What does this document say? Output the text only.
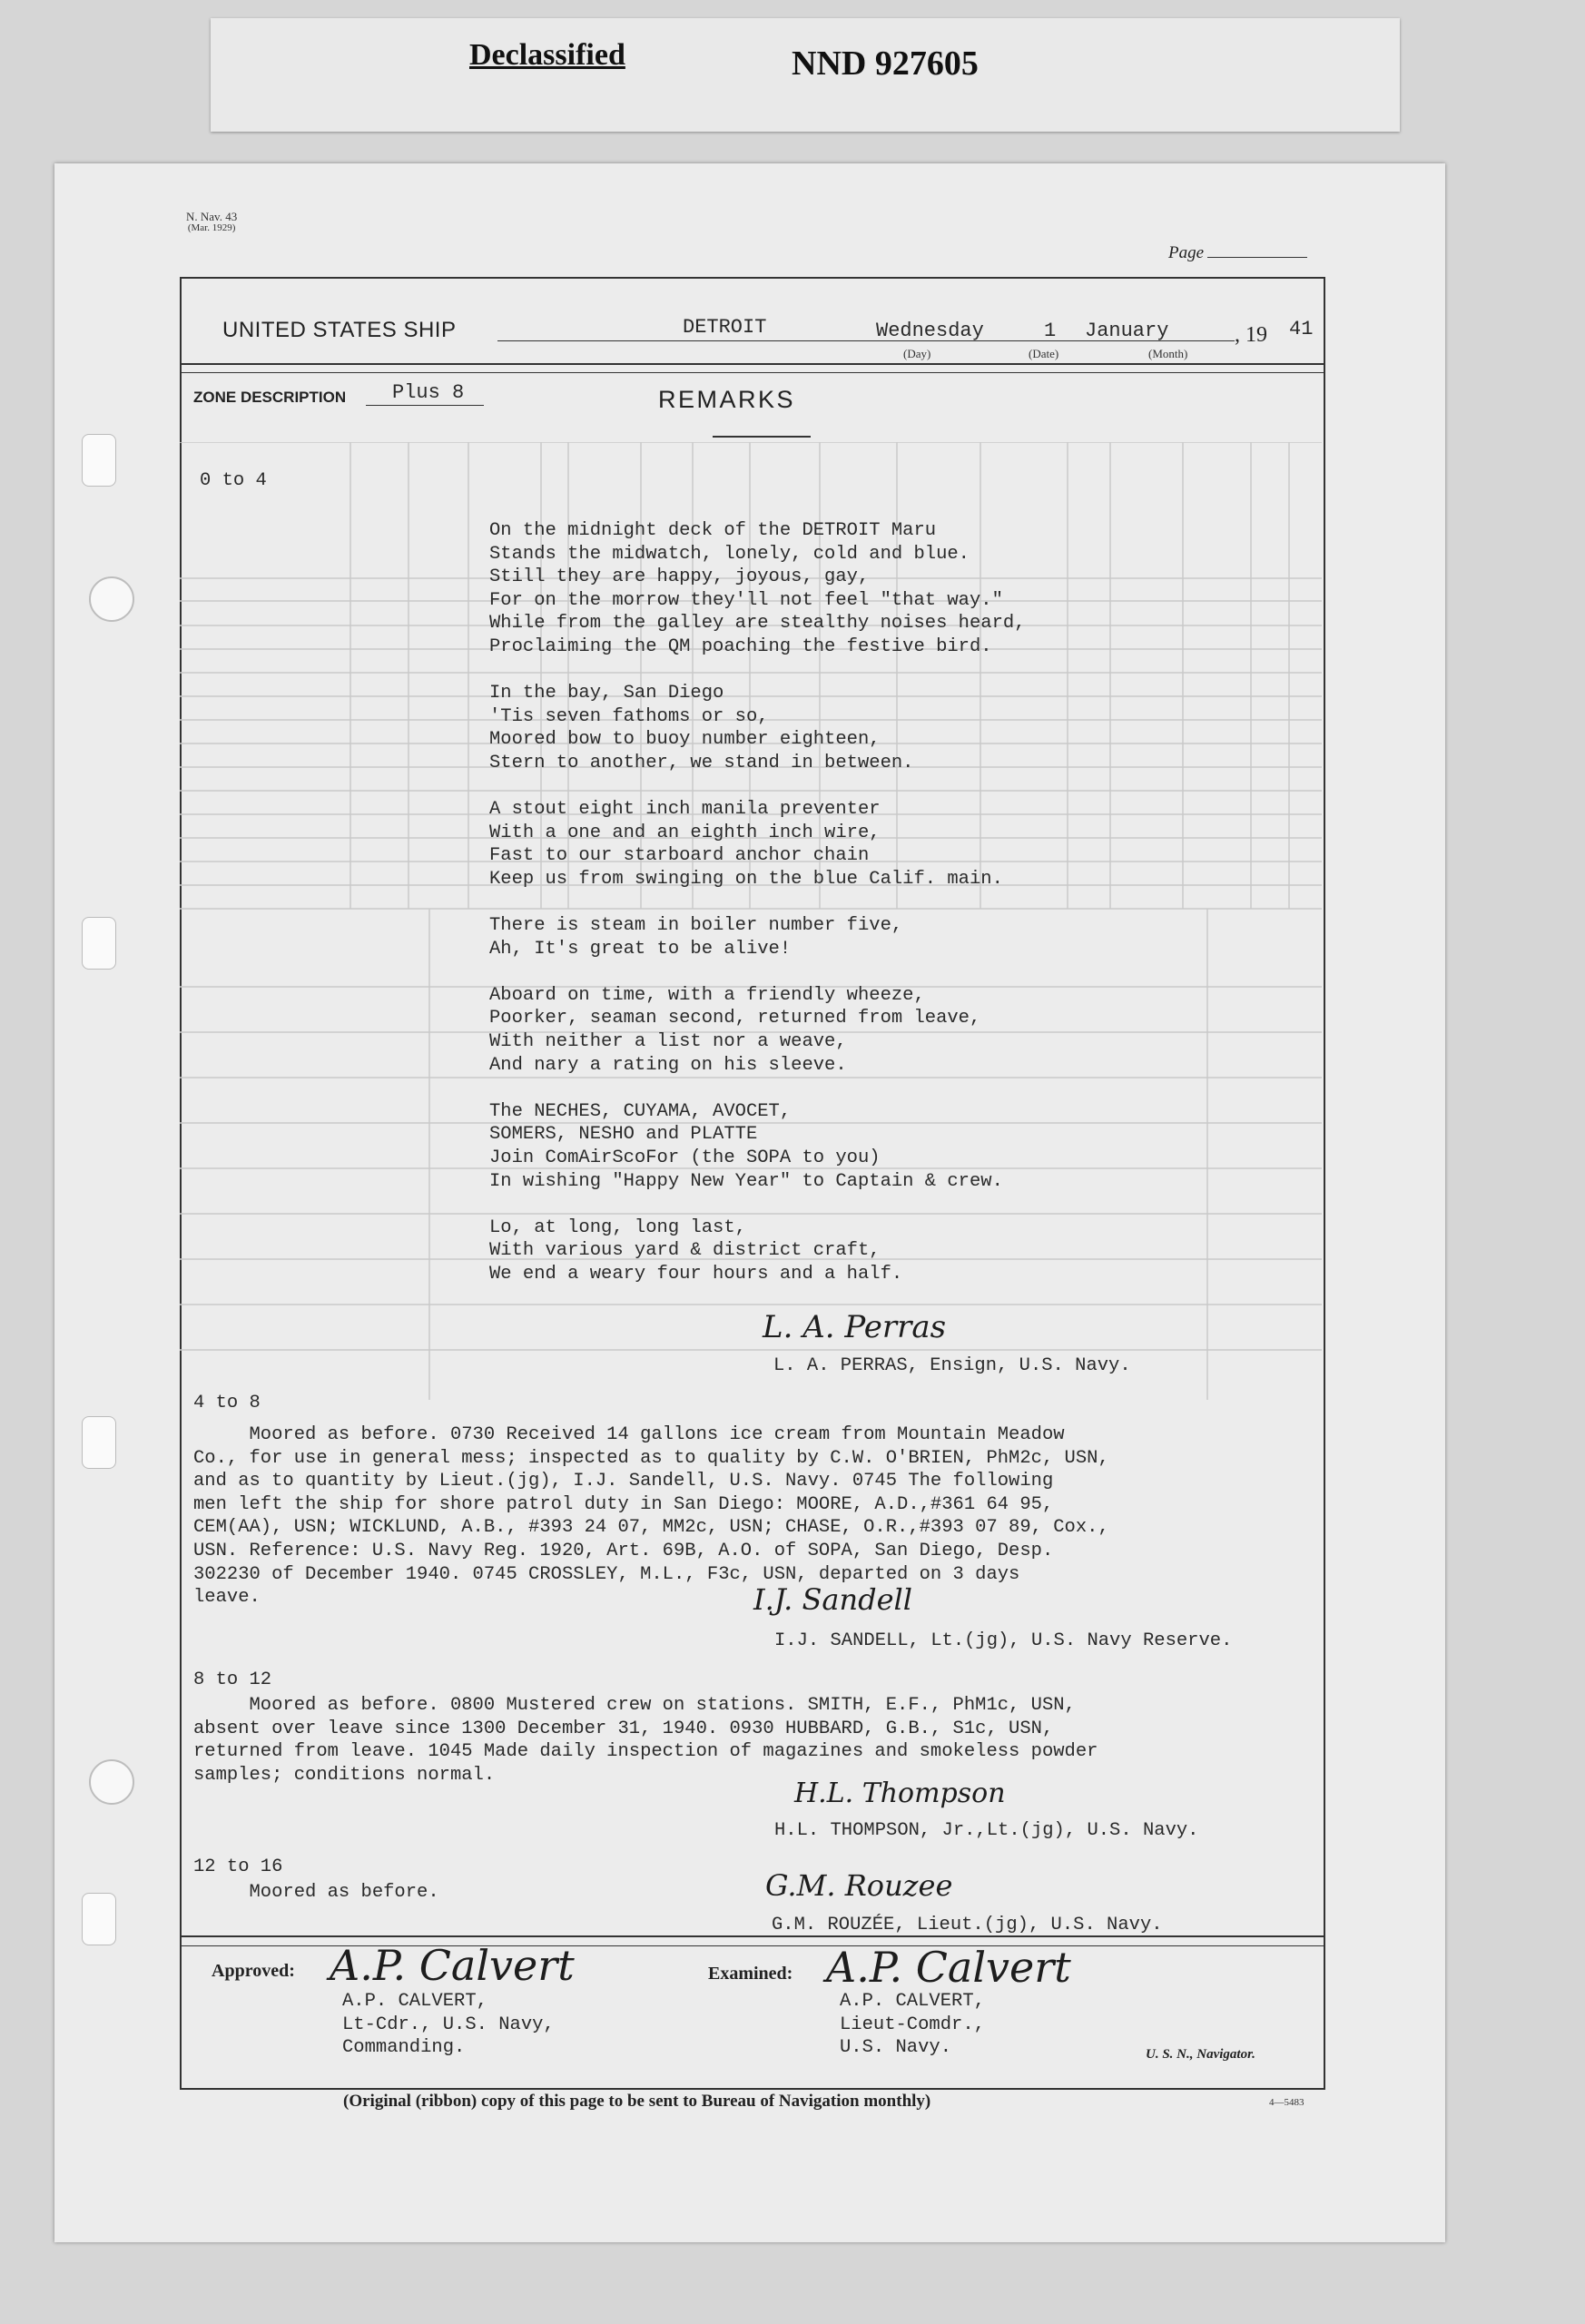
Declassified	NND 927605
N. Nav. 43
(Mar. 1929)
Page
UNITED STATES SHIP	DETROIT	Wednesday	1 January	, 19 41
(Day)	(Date)	(Month)
ZONE DESCRIPTION Plus 8	REMARKS
0 to 4
On the midnight deck of the DETROIT Maru
Stands the midwatch, lonely, cold and blue.
Still they are happy, joyous, gay,
For on the morrow they'll not feel "that way."
While from the galley are stealthy noises heard,
Proclaiming the QM poaching the festive bird.

In the bay, San Diego
'Tis seven fathoms or so,
Moored bow to buoy number eighteen,
Stern to another, we stand in between.

A stout eight inch manila preventer
With a one and an eighth inch wire,
Fast to our starboard anchor chain
Keep us from swinging on the blue Calif. main.

There is steam in boiler number five,
Ah, It's great to be alive!

Aboard on time, with a friendly wheeze,
Poorker, seaman second, returned from leave,
With neither a list nor a weave,
And nary a rating on his sleeve.

The NECHES, CUYAMA, AVOCET,
SOMERS, NESHO and PLATTE
Join ComAirScoFor (the SOPA to you)
In wishing "Happy New Year" to Captain & crew.

Lo, at long, long last,
With various yard & district craft,
We end a weary four hours and a half.
L. A. Perras
L. A. PERRAS, Ensign, U.S. Navy.
4 to 8
Moored as before. 0730 Received 14 gallons ice cream from Mountain Meadow
Co., for use in general mess; inspected as to quality by C.W. O'BRIEN, PhM2c, USN,
and as to quantity by Lieut.(jg), I.J. Sandell, U.S. Navy. 0745 The following
men left the ship for shore patrol duty in San Diego: MOORE, A.D.,#361 64 95,
CEM(AA), USN; WICKLUND, A.B., #393 24 07, MM2c, USN; CHASE, O.R.,#393 07 89, Cox.,
USN. Reference: U.S. Navy Reg. 1920, Art. 69B, A.O. of SOPA, San Diego, Desp.
302230 of December 1940. 0745 CROSSLEY, M.L., F3c, USN, departed on 3 days
leave.	I.J. Sandell
I.J. SANDELL, Lt.(jg), U.S. Navy Reserve.
8 to 12
Moored as before. 0800 Mustered crew on stations. SMITH, E.F., PhM1c, USN,
absent over leave since 1300 December 31, 1940. 0930 HUBBARD, G.B., S1c, USN,
returned from leave. 1045 Made daily inspection of magazines and smokeless powder
samples; conditions normal.
H.L. Thompson
H.L. THOMPSON, Jr.,Lt.(jg), U.S. Navy.
12 to 16
Moored as before.	G.M. Rouzee
G.M. ROUZÉE, Lieut.(jg), U.S. Navy.
Approved: A.P. Calvert
A.P. CALVERT,
Lt-Cdr., U.S. Navy,
Commanding.
Examined: A.P. Calvert
A.P. CALVERT,
Lieut-Comdr.,
U.S. Navy.	U. S. N., Navigator.
(Original (ribbon) copy of this page to be sent to Bureau of Navigation monthly)	4—5483
